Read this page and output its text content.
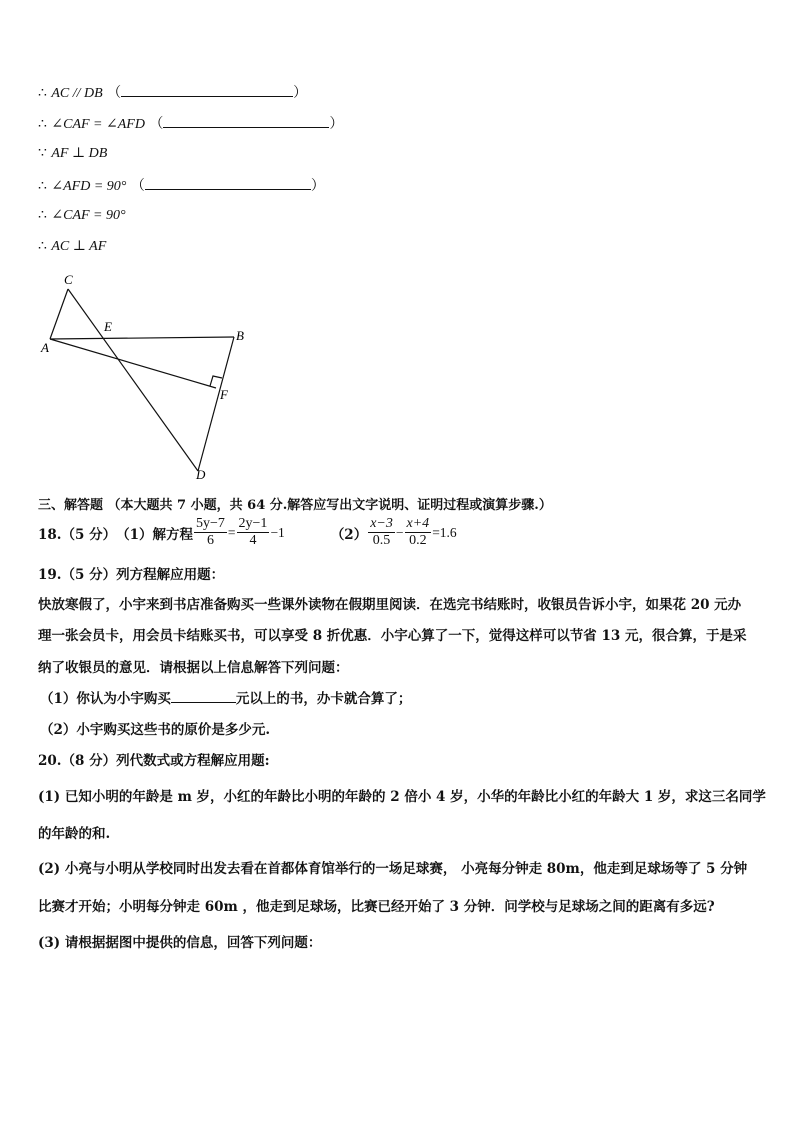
∴ AC // DB （	）
∴ ∠CAF = ∠AFD （	）
∵ AF ⊥ DB
∴ ∠AFD = 90° （	）
∴ ∠CAF = 90°
∴ AC ⊥ AF
C
E
A
B
F
D
三、解答题 （本大题共 7 小题，共 64 分.解答应写出文字说明、证明过程或演算步骤.）
18.（5 分） （1）解方程 $\frac{5y-7}{6} = \frac{2y-1}{4} -1$	$(2) \frac{x-3}{0.5} - \frac{x+4}{0.2} =1.6$
19.（5 分）列方程解应用题：
快放寒假了，小宇来到书店准备购买一些课外读物在假期里阅读．在选完书结账时，收银员告诉小宇，如果花 20 元办
理一张会员卡，用会员卡结账买书，可以享受 8 折优惠．小宇心算了一下，觉得这样可以节省 13 元，很合算，于是采
纳了收银员的意见．请根据以上信息解答下列问题：
（1）你认为小宇购买	元以上的书，办卡就合算了；
（2）小宇购买这些书的原价是多少元.
20.（8 分）列代数式或方程解应用题:
(1) 已知小明的年龄是 m 岁，小红的年龄比小明的年龄的 2 倍小 4 岁，小华的年龄比小红的年龄大 1 岁，求这三名同学
的年龄的和.
(2) 小亮与小明从学校同时出发去看在首都体育馆举行的一场足球赛， 小亮每分钟走 80m，他走到足球场等了 5 分钟
比赛才开始；小明每分钟走 60m ，他走到足球场，比赛已经开始了 3 分钟．问学校与足球场之间的距离有多远?
(3) 请根据据图中提供的信息，回答下列问题：
